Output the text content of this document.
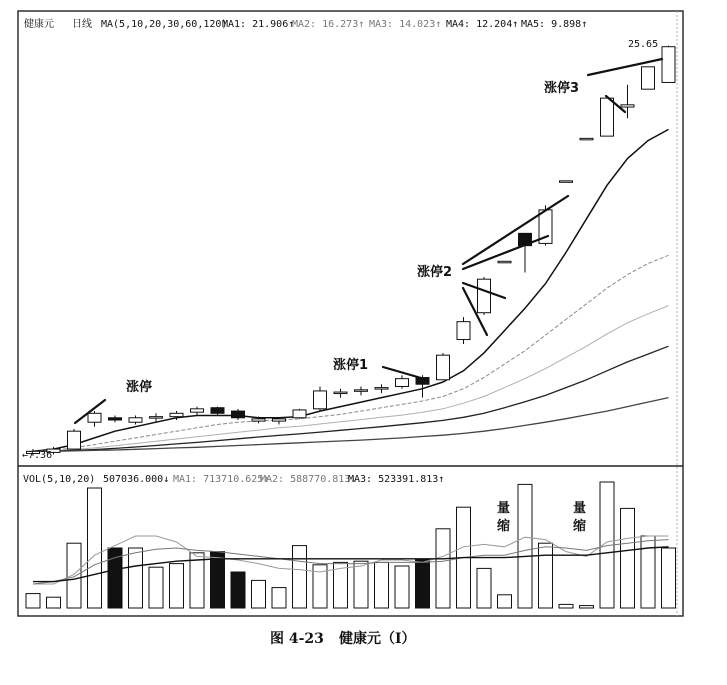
健康元 日线 MA(5,10,20,30,60,120)
MA1: 21.906↑
MA2: 16.273↑ MA3: 14.023↑ MA4: 12.204↑ MA5: 9.898↑
←7.36
25.65
涨停
涨停1
涨停2
涨停3
VOL(5,10,20) 507036.000↓ MA1: 713710.625↑
MA2: 588770.813↓
MA3: 523391.813↑
量
缩
量
缩
图 4-23 健康元（I）
